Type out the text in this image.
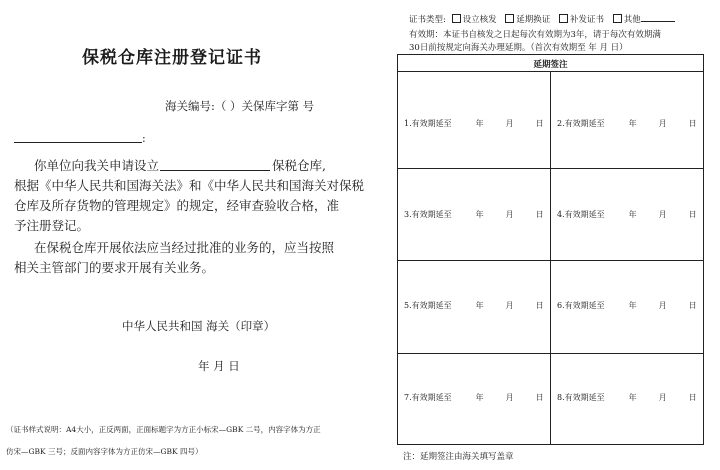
保税仓库注册登记证书
海关编号:（ ）关保库字第 号
:
你单位向我关申请设立	保税仓库,
根据《中华人民共和国海关法》和《中华人民共和国海关对保税
仓库及所存货物的管理规定》的规定，经审查验收合格，准
予注册登记。
在保税仓库开展依法应当经过批准的业务的，应当按照
相关主管部门的要求开展有关业务。
中华人民共和国 海关（印章）
年 月 日
（证书样式说明：A4大小，正反两面，正面标题字为方正小标宋—GBK 二号，内容字体为方正
仿宋—GBK 三号；反面内容字体为方正仿宋—GBK 四号）
证书类型: 设立核发 延期换证 补发证书 其他
有效期：本证书自核发之日起每次有效期为3年，请于每次有效期满
30日前按规定向海关办理延期。（首次有效期至 年 月 日）
延期签注
1.有效期延至	年	月	日 2.有效期延至	年	月	日
3.有效期延至	年	月	日 4.有效期延至	年	月	日
5.有效期延至	年	月	日 6.有效期延至	年	月	日
7.有效期延至	年	月	日 8.有效期延至	年	月	日
注：延期签注由海关填写盖章
